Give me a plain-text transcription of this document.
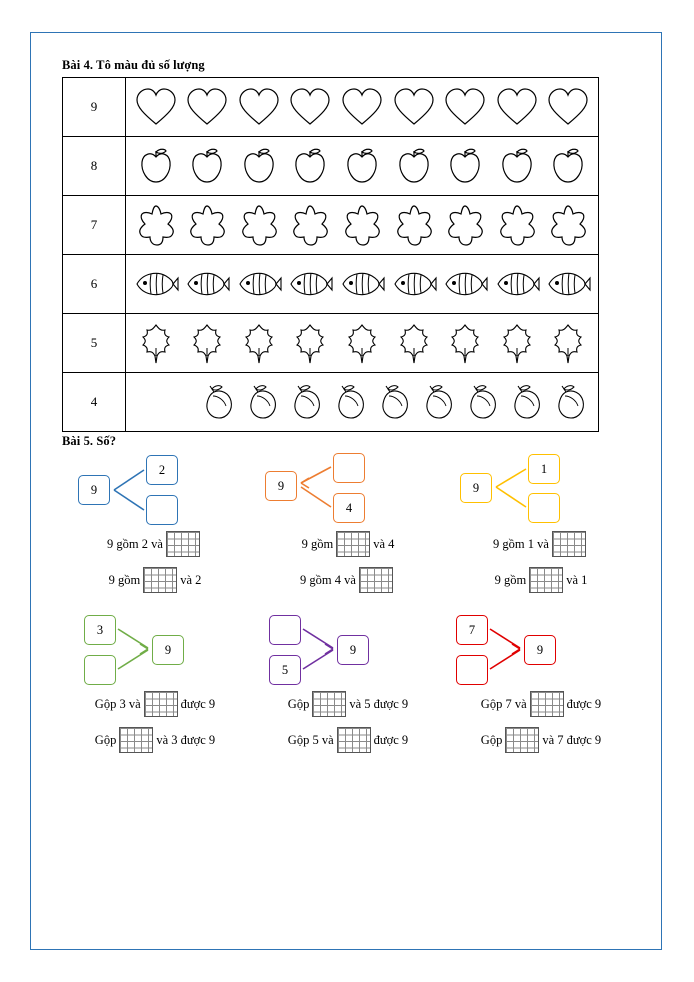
Bài 4. Tô màu đủ số lượng
9	

8	

7	

6	

5	

4	
Bài 5. Số?
9
2
9 gồm 2 và
9
4
9 gồm	và 4
9
1
9 gồm 1 và
9 gồm	và 2	9 gồm 4 và	9 gồm	và 1
3
9
Gộp 3 và	được 9
5
9
Gộp	và 5 được 9
7
9
Gộp 7 và	được 9
Gộp	và 3 được 9	Gộp 5 và	được 9	Gộp	và 7 được 9
